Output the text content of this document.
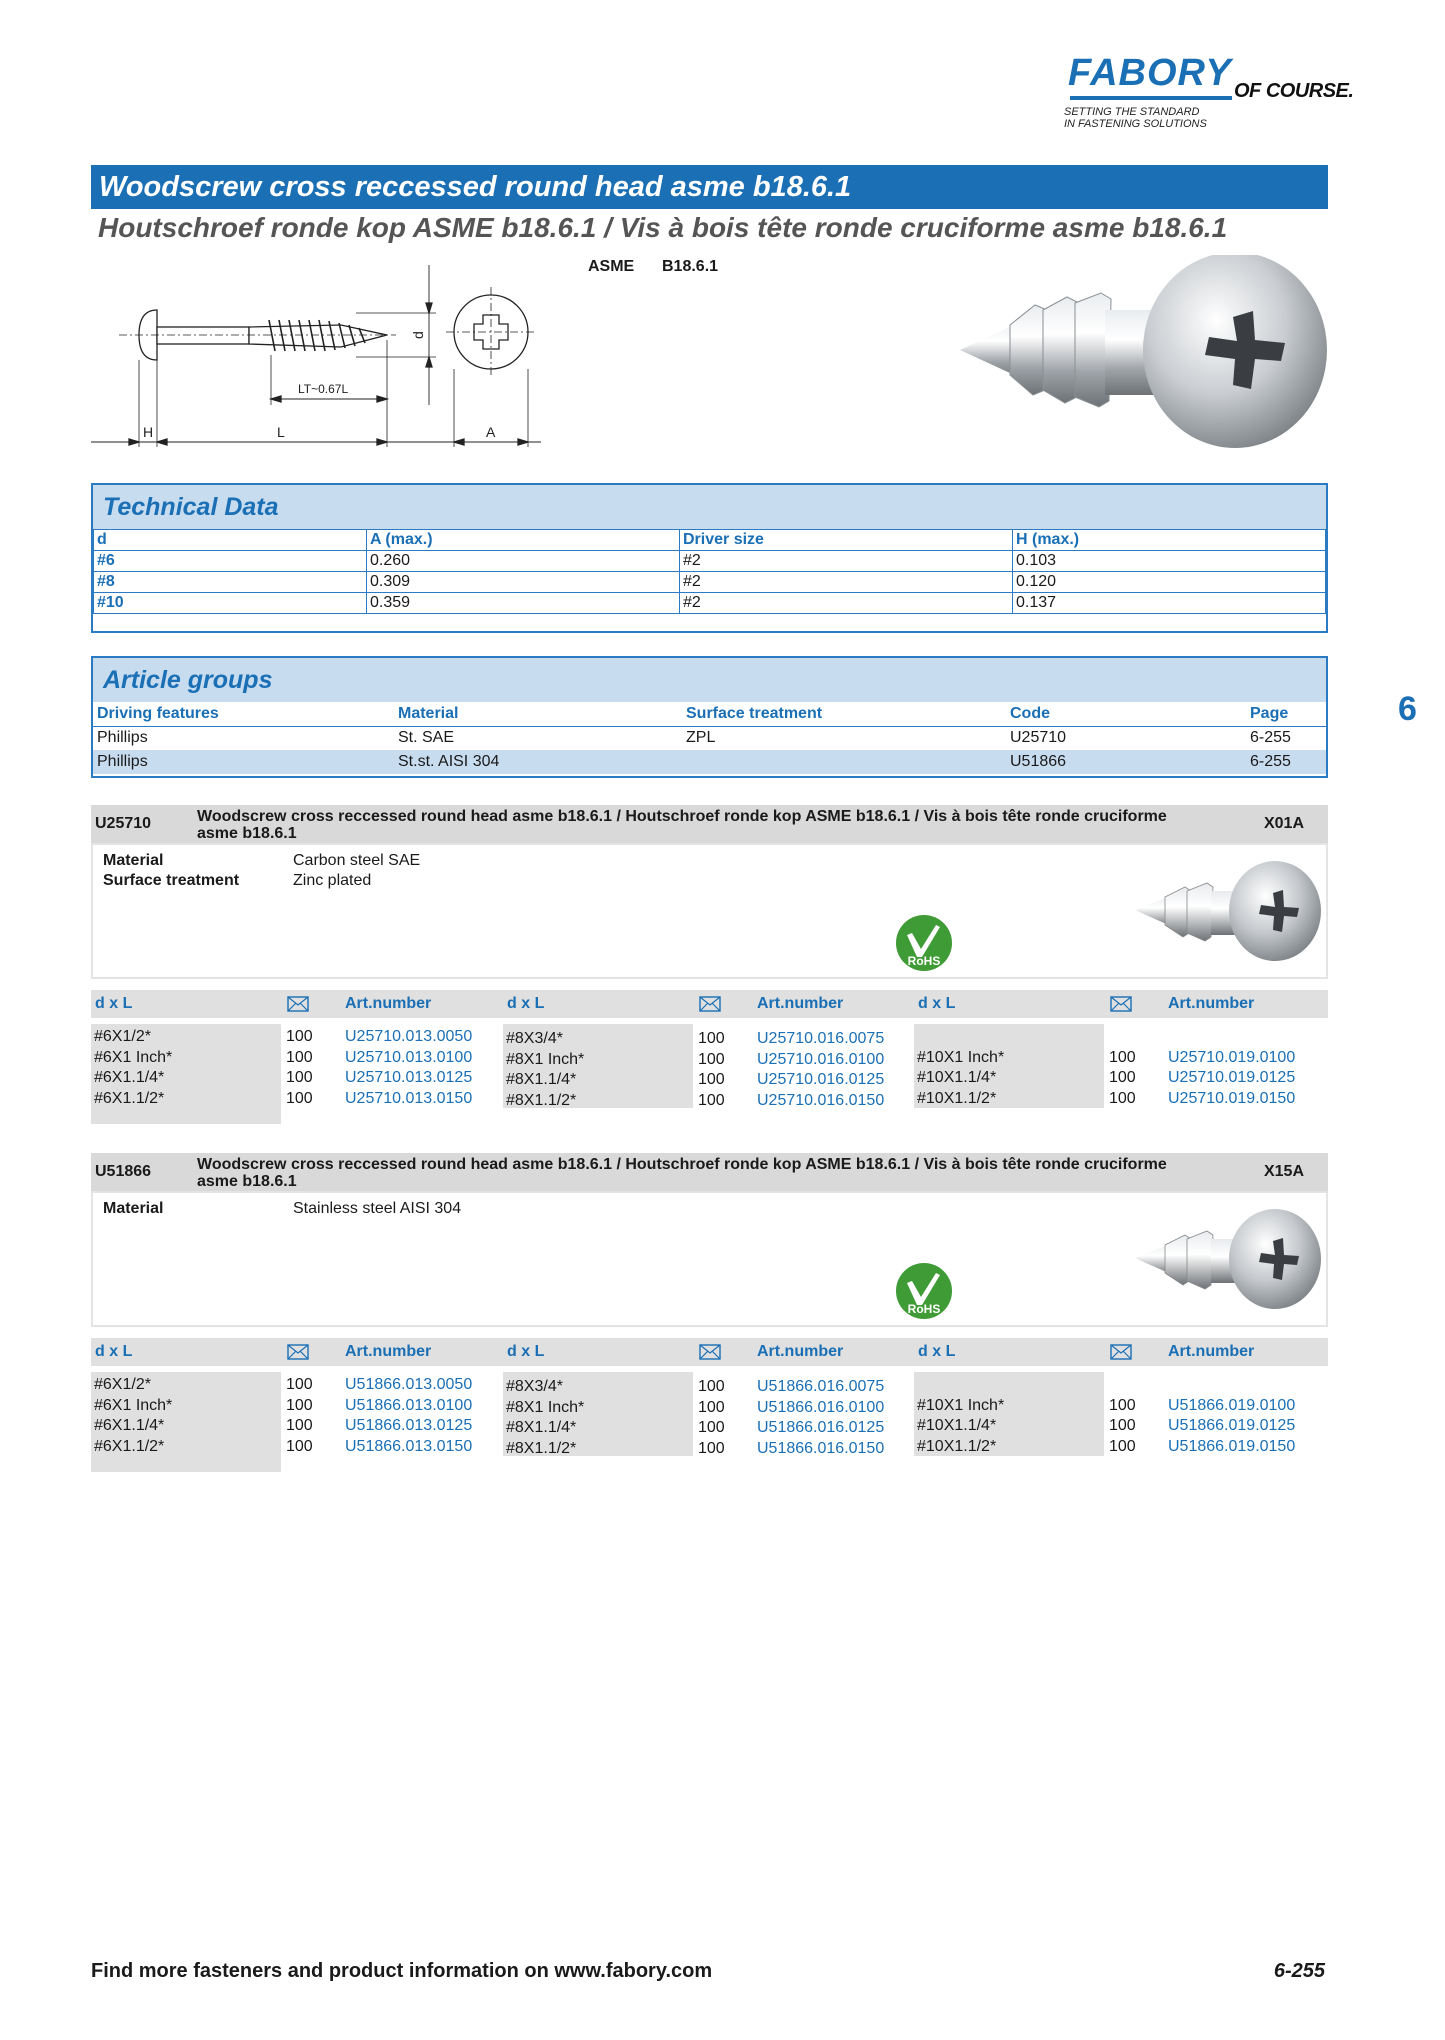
FABORY OF COURSE.
SETTING THE STANDARD
IN FASTENING SOLUTIONS
Woodscrew cross reccessed round head asme b18.6.1
Houtschroef ronde kop ASME b18.6.1 / Vis à bois tête ronde cruciforme asme b18.6.1
ASME B18.6.1
LT~0.67L
H	L	A
d
Technical Data
d	A (max.)	Driver size	H (max.)
#6	0.260	#2	0.103
#8	0.309	#2	0.120
#10	0.359	#2	0.137
Article groups
Driving features	Material	Surface treatment	Code	Page
Phillips	St. SAE	ZPL	U25710	6-255
Phillips	St.st. AISI 304		U51866	6-255
6
U25710	Woodscrew cross reccessed round head asme b18.6.1 / Houtschroef ronde kop ASME b18.6.1 / Vis à bois tête ronde cruciforme asme b18.6.1
X01A
Material	Carbon steel SAE
Surface treatment	Zinc plated
RoHS
d x L	Art.number	d x L	Art.number	d x L	Art.number
#6X1/2*	100 U25710.013.0050
#6X1 Inch*	100 U25710.013.0100
#6X1.1/4*	100 U25710.013.0125
#6X1.1/2*	100 U25710.013.0150
#8X3/4*	100 U25710.016.0075
#8X1 Inch*	100 U25710.016.0100
#8X1.1/4*	100 U25710.016.0125
#8X1.1/2*	100 U25710.016.0150
#10X1 Inch*	100 U25710.019.0100
#10X1.1/4*	100 U25710.019.0125
#10X1.1/2*	100 U25710.019.0150
U51866	Woodscrew cross reccessed round head asme b18.6.1 / Houtschroef ronde kop ASME b18.6.1 / Vis à bois tête ronde cruciforme asme b18.6.1
X15A
Material	Stainless steel AISI 304
RoHS
d x L	Art.number	d x L	Art.number	d x L	Art.number
#6X1/2*	100 U51866.013.0050
#6X1 Inch*	100 U51866.013.0100
#6X1.1/4*	100 U51866.013.0125
#6X1.1/2*	100 U51866.013.0150
#8X3/4*	100 U51866.016.0075
#8X1 Inch*	100 U51866.016.0100
#8X1.1/4*	100 U51866.016.0125
#8X1.1/2*	100 U51866.016.0150
#10X1 Inch*	100 U51866.019.0100
#10X1.1/4*	100 U51866.019.0125
#10X1.1/2*	100 U51866.019.0150
Find more fasteners and product information on www.fabory.com	6-255
